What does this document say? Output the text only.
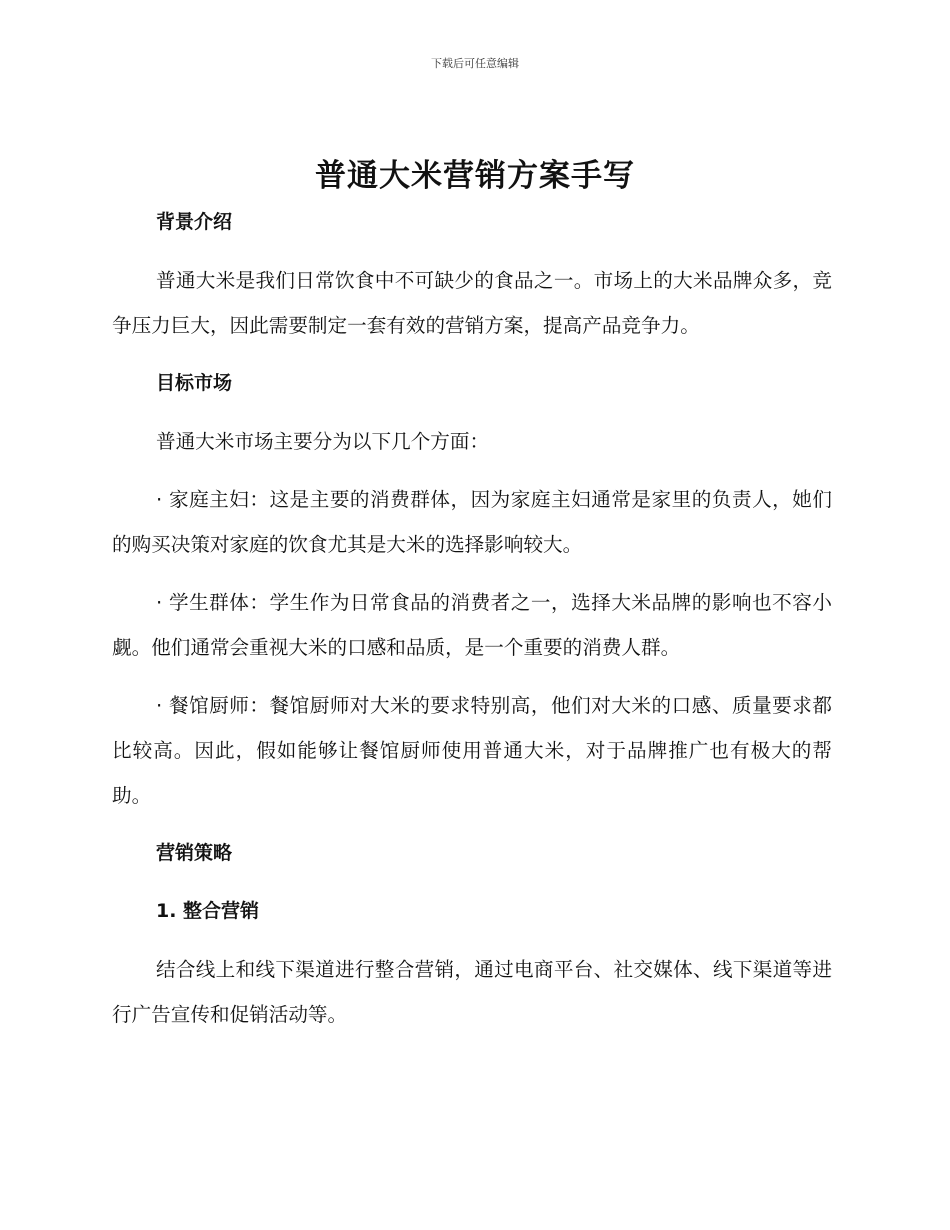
下载后可任意编辑
普通大米营销方案手写
背景介绍
普通大米是我们日常饮食中不可缺少的食品之一。市场上的大米品牌众多，竞争压力巨大，因此需要制定一套有效的营销方案，提高产品竞争力。
目标市场
普通大米市场主要分为以下几个方面：
· 家庭主妇：这是主要的消费群体，因为家庭主妇通常是家里的负责人，她们的购买决策对家庭的饮食尤其是大米的选择影响较大。
· 学生群体：学生作为日常食品的消费者之一，选择大米品牌的影响也不容小觑。他们通常会重视大米的口感和品质，是一个重要的消费人群。
· 餐馆厨师：餐馆厨师对大米的要求特别高，他们对大米的口感、质量要求都比较高。因此，假如能够让餐馆厨师使用普通大米，对于品牌推广也有极大的帮助。
营销策略
1. 整合营销
结合线上和线下渠道进行整合营销，通过电商平台、社交媒体、线下渠道等进行广告宣传和促销活动等。
